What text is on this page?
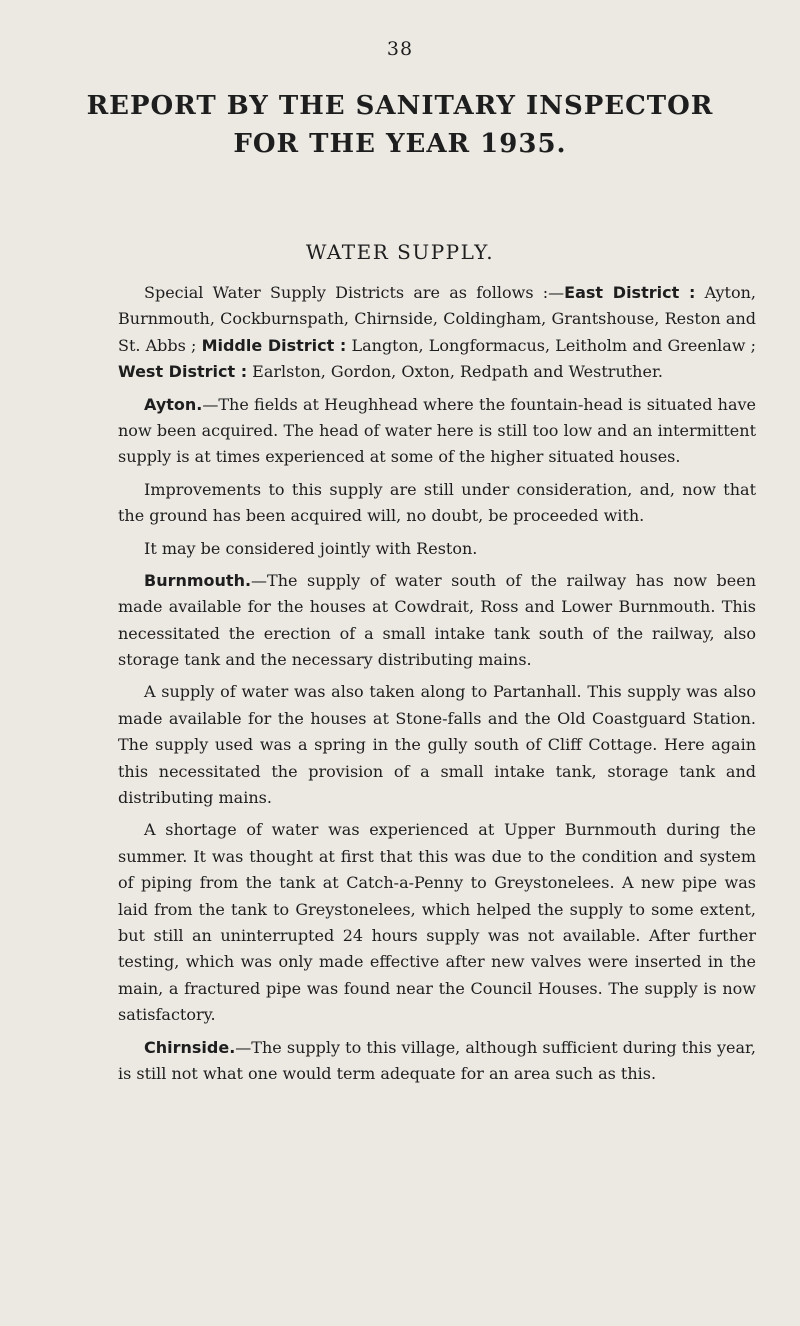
38
REPORT BY THE SANITARY INSPECTOR
FOR THE YEAR 1935.
WATER SUPPLY.

Special Water Supply Districts are as follows :—East District : Ayton, Burnmouth, Cockburnspath, Chirnside, Coldingham, Grantshouse, Reston and St. Abbs ; Middle District : Langton, Longformacus, Leitholm and Greenlaw ; West District : Earlston, Gordon, Oxton, Redpath and Westruther.

Ayton.—The fields at Heughhead where the fountain-head is situated have now been acquired. The head of water here is still too low and an intermittent supply is at times experienced at some of the higher situated houses.

Improvements to this supply are still under consideration, and, now that the ground has been acquired will, no doubt, be proceeded with.

It may be considered jointly with Reston.

Burnmouth.—The supply of water south of the railway has now been made available for the houses at Cowdrait, Ross and Lower Burnmouth. This necessitated the erection of a small intake tank south of the railway, also storage tank and the necessary distributing mains.

A supply of water was also taken along to Partanhall. This supply was also made available for the houses at Stone-falls and the Old Coastguard Station. The supply used was a spring in the gully south of Cliff Cottage. Here again this necessitated the provision of a small intake tank, storage tank and distributing mains.

A shortage of water was experienced at Upper Burnmouth during the summer. It was thought at first that this was due to the condition and system of piping from the tank at Catch-a-Penny to Greystonelees. A new pipe was laid from the tank to Greystonelees, which helped the supply to some extent, but still an uninterrupted 24 hours supply was not available. After further testing, which was only made effective after new valves were inserted in the main, a fractured pipe was found near the Council Houses. The supply is now satisfactory.

Chirnside.—The supply to this village, although sufficient during this year, is still not what one would term adequate for an area such as this.
